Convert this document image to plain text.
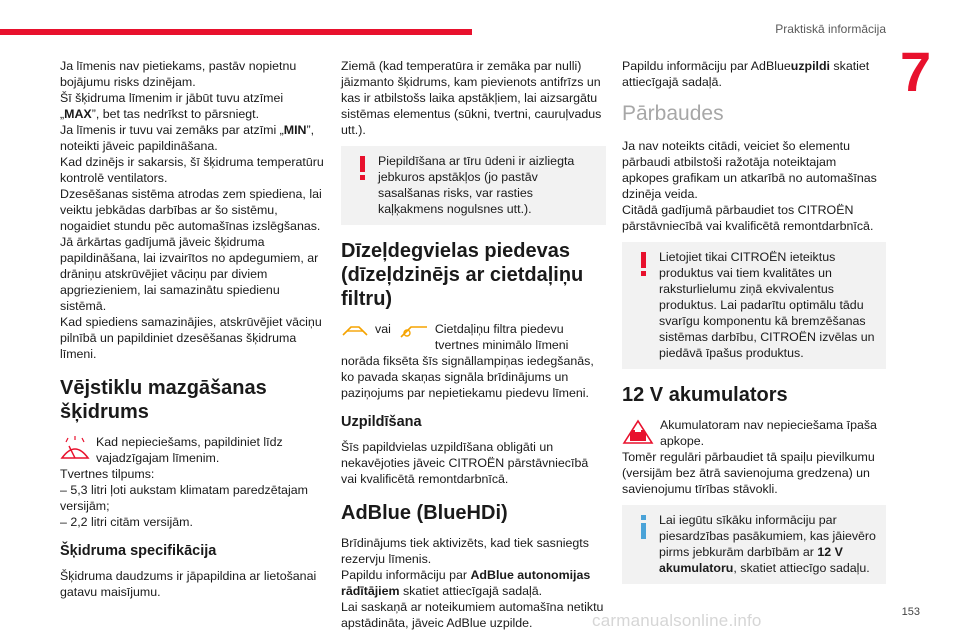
Praktiskā informācija
7

Ja līmenis nav pietiekams, pastāv nopietnu

bojājumu risks dzinējam.

Šī šķidruma līmenim ir jābūt tuvu atzīmei „MAX”, bet tas nedrīkst to pārsniegt.

Ja līmenis ir tuvu vai zemāks par atzīmi „MIN”, noteikti jāveic papildināšana.

Kad dzinējs ir sakarsis, šī šķidruma temperatūru kontrolē ventilators.

Dzesēšanas sistēma atrodas zem spiediena, lai veiktu jebkādas darbības ar šo sistēmu, nogaidiet stundu pēc automašīnas izslēgšanas.

Jā ārkārtas gadījumā jāveic šķidruma papildināšana, lai izvairītos no apdegumiem, ar drāniņu atskrūvējiet vāciņu par diviem apgriezieniem, lai samazinātu spiedienu sistēmā.

Kad spiediens samazinājies, atskrūvējiet vāciņu pilnībā un papildiniet dzesēšanas šķidruma līmeni.

Vējstiklu mazgāšanas šķidrums

Kad nepieciešams, papildiniet līdz vajadzīgajam līmenim.

Tvertnes tilpums:

– 5,3 litri ļoti aukstam klimatam paredzētajam versijām;

– 2,2 litri citām versijām.

Šķidruma specifikācija

Šķidruma daudzums ir jāpapildina ar lietošanai gatavu maisījumu.

Ziemā (kad temperatūra ir zemāka par nulli) jāizmanto šķidrums, kam pievienots antifrīzs un kas ir atbilstošs laika apstākļiem, lai aizsargātu sistēmas elementus (sūkni, tvertni, cauruļvadus utt.).

Piepildīšana ar tīru ūdeni ir aizliegta jebkuros apstākļos (jo pastāv sasalšanas risks, var rasties kaļķakmens nogulsnes utt.).

Dīzeļdegvielas piedevas (dīzeļdzinējs ar cietdaļiņu filtru)
vai	Cietdaļiņu filtra piedevu tvertnes minimālo līmeni

norāda fiksēta šīs signāllampiņas iedegšanās, ko pavada skaņas signāla brīdinājums un paziņojums par nepietiekamu piedevu līmeni.

Uzpildīšana

Šīs papildvielas uzpildīšana obligāti un nekavējoties jāveic CITROËN pārstāvniecībā vai kvalificētā remontdarbnīcā.

AdBlue (BlueHDi)

Brīdinājums tiek aktivizēts, kad tiek sasniegts rezervju līmenis.

Papildu informāciju par AdBlue autonomijas rādītājiem skatiet attiecīgajā sadaļā.

Lai saskaņā ar noteikumiem automašīna netiktu apstādināta, jāveic AdBlue uzpilde.

Papildu informāciju par AdBlueuzpildi skatiet attiecīgajā sadaļā.

Pārbaudes

Ja nav noteikts citādi, veiciet šo elementu pārbaudi atbilstoši ražotāja noteiktajam apkopes grafikam un atkarībā no automašīnas dzinēja veida.

Citādā gadījumā pārbaudiet tos CITROËN pārstāvniecībā vai kvalificētā remontdarbnīcā.

Lietojiet tikai CITROËN ieteiktus produktus vai tiem kvalitātes un raksturlielumu ziņā ekvivalentus produktus. Lai padarītu optimālu tādu svarīgu komponentu kā bremzēšanas sistēmas darbību, CITROËN izvēlas un piedāvā īpašus produktus.

12 V akumulators

Akumulatoram nav nepieciešama īpaša apkope.

Tomēr regulāri pārbaudiet tā spaiļu pievilkumu (versijām bez ātrā savienojuma gredzena) un savienojumu tīrības stāvokli.

Lai iegūtu sīkāku informāciju par piesardzības pasākumiem, kas jāievēro pirms jebkurām darbībām ar 12 V akumulatoru, skatiet attiecīgo sadaļu.

153
carmanualsonline.info
